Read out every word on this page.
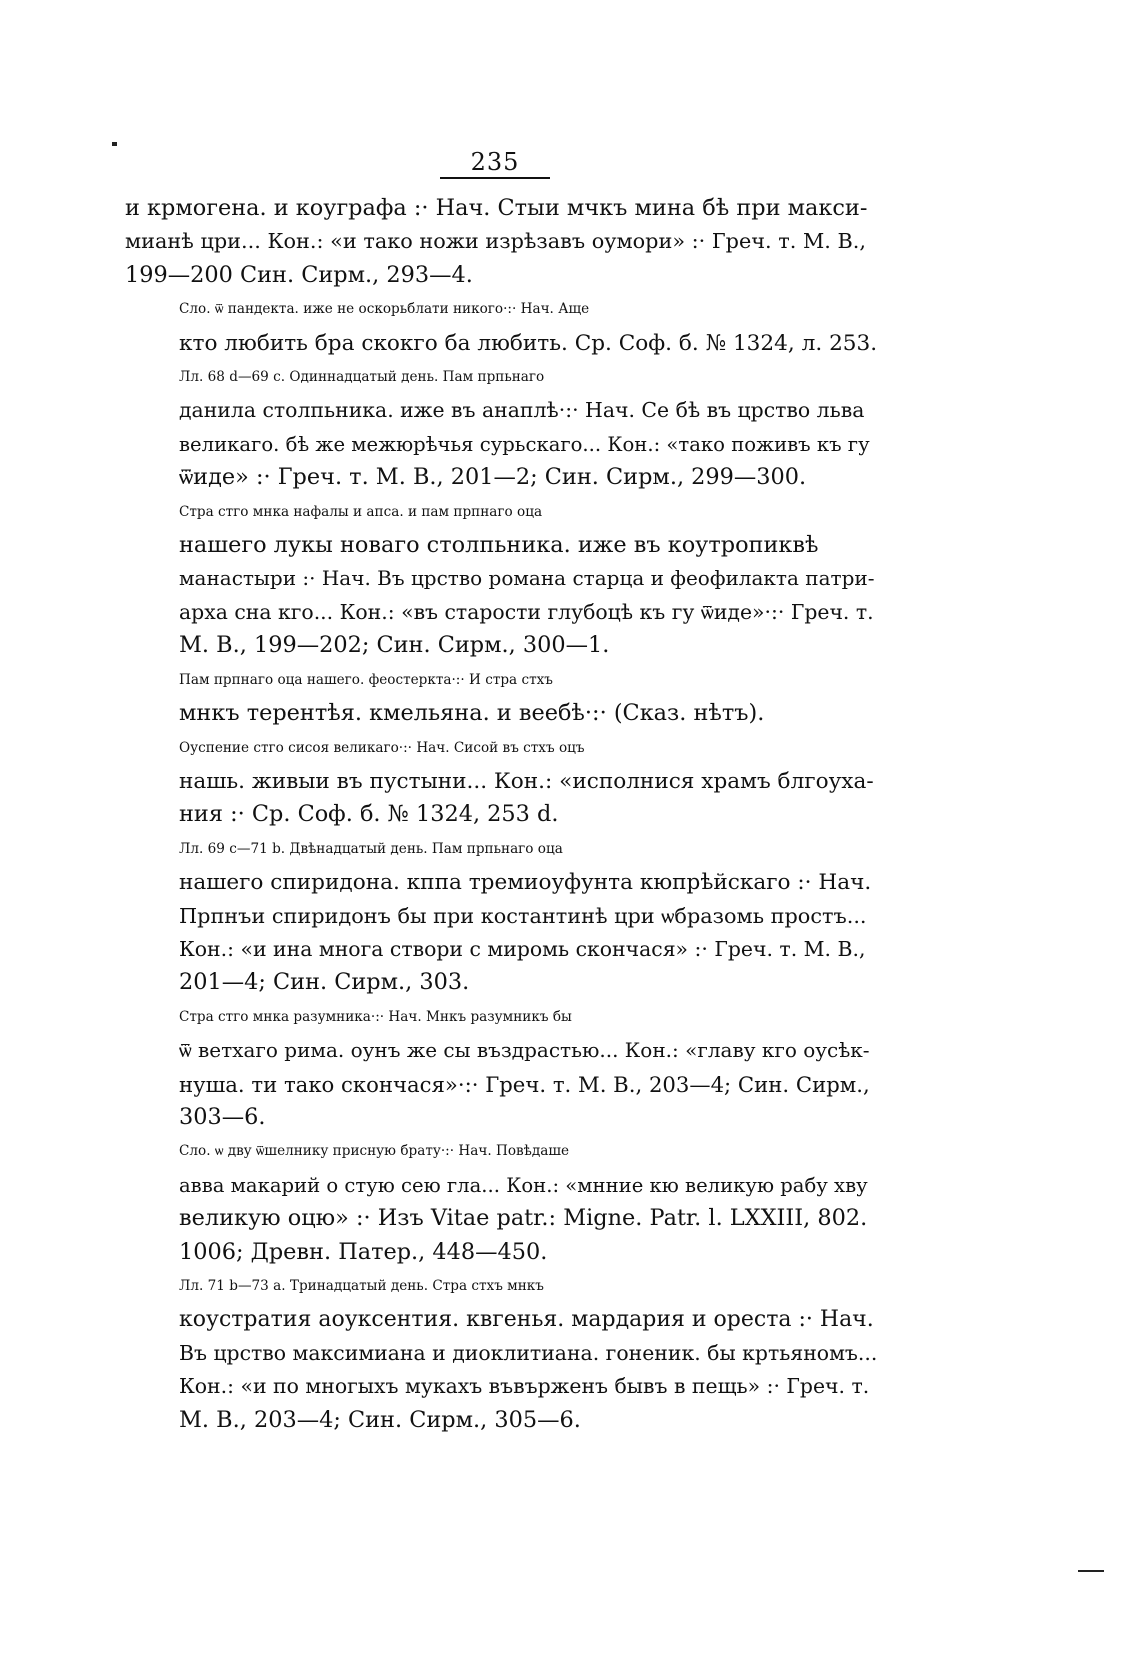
235

и кpмoгeнa. и кoуграфа :· Нач. Стыи мчкъ мина бѣ при макси-
мианѣ цри... Кон.: «и тако ножи изрѣзавъ оумори» :· Греч. т. М. В.,
199—200 Син. Сирм., 293—4.

Сло. ѿ пандекта. иже не оскорьблати никого·:· Нач. Аще
кто любить бра скокго ба любить. Ср. Соф. б. № 1324, л. 253.

Лл. 68 d—69 с. Одиннадцатый день. Пам прпьнаго
данила столпьника. иже въ анаплѣ·:· Нач. Се бѣ въ црство льва
великаго. бѣ же межюрѣчья сурьскаго... Кон.: «тако поживъ къ гу
ѿиде» :· Греч. т. М. В., 201—2; Син. Сирм., 299—300.

Стра стго мнка нафалы и апса. и пам прпнаго оца
нашего лукы новаго столпьника. иже въ коутропиквѣ
манастыри :· Нач. Въ црство романа старца и феофилакта патри-
арха сна кго... Кон.: «въ старости глубоцѣ къ гу ѿиде»·:· Греч. т.
М. В., 199—202; Син. Сирм., 300—1.

Пам прпнаго оца нашего. феостеркта·:· И стра стхъ
мнкъ терентѣя. кмельяна. и веебѣ·:· (Сказ. нѣтъ).

Оуспение стго сисоя великаго·:· Нач. Сисой въ стхъ оцъ
нашь. живыи въ пустыни... Кон.: «исполнися храмъ блгоуха-
ния :· Ср. Соф. б. № 1324, 253 d.

Лл. 69 с—71 b. Двѣнадцатый день. Пам прпьнаго оца
нашего спиридона. кппа тремиоуфунта кюпрѣйскаго :· Нач.
Прпнъи спиридонъ бы при костантинѣ цри ѡбразомь простъ...
Кон.: «и ина многа створи с миромь скончася» :· Греч. т. М. В.,
201—4; Син. Сирм., 303.

Стра стго мнка разумника·:· Нач. Мнкъ разумникъ бы
ѿ ветхаго рима. оунъ же сы въздрастью... Кон.: «главу кго оусѣк-
нуша. ти тако скончася»·:· Греч. т. М. В., 203—4; Син. Сирм.,
303—6.

Сло. ѡ двy ѿшелнику присную брату·:· Нач. Повѣдаше
авва макарий о стую сею гла... Кон.: «мнние кю великую рабу хву
великую оцю» :· Изъ Vitae patr.: Migne. Patr. l. LXXIII, 802.
1006; Древн. Патер., 448—450.

Лл. 71 b—73 а. Тринадцатый день. Стра стхъ мнкъ
коустратия аоуксентия. квгенья. мардария и ореста :· Нач.
Въ црство максимиана и диоклитиана. гоненик. бы кртьяномъ...
Кон.: «и по многыхъ мукахъ въвърженъ бывъ в пещь» :· Греч. т.
М. В., 203—4; Син. Сирм., 305—6.
